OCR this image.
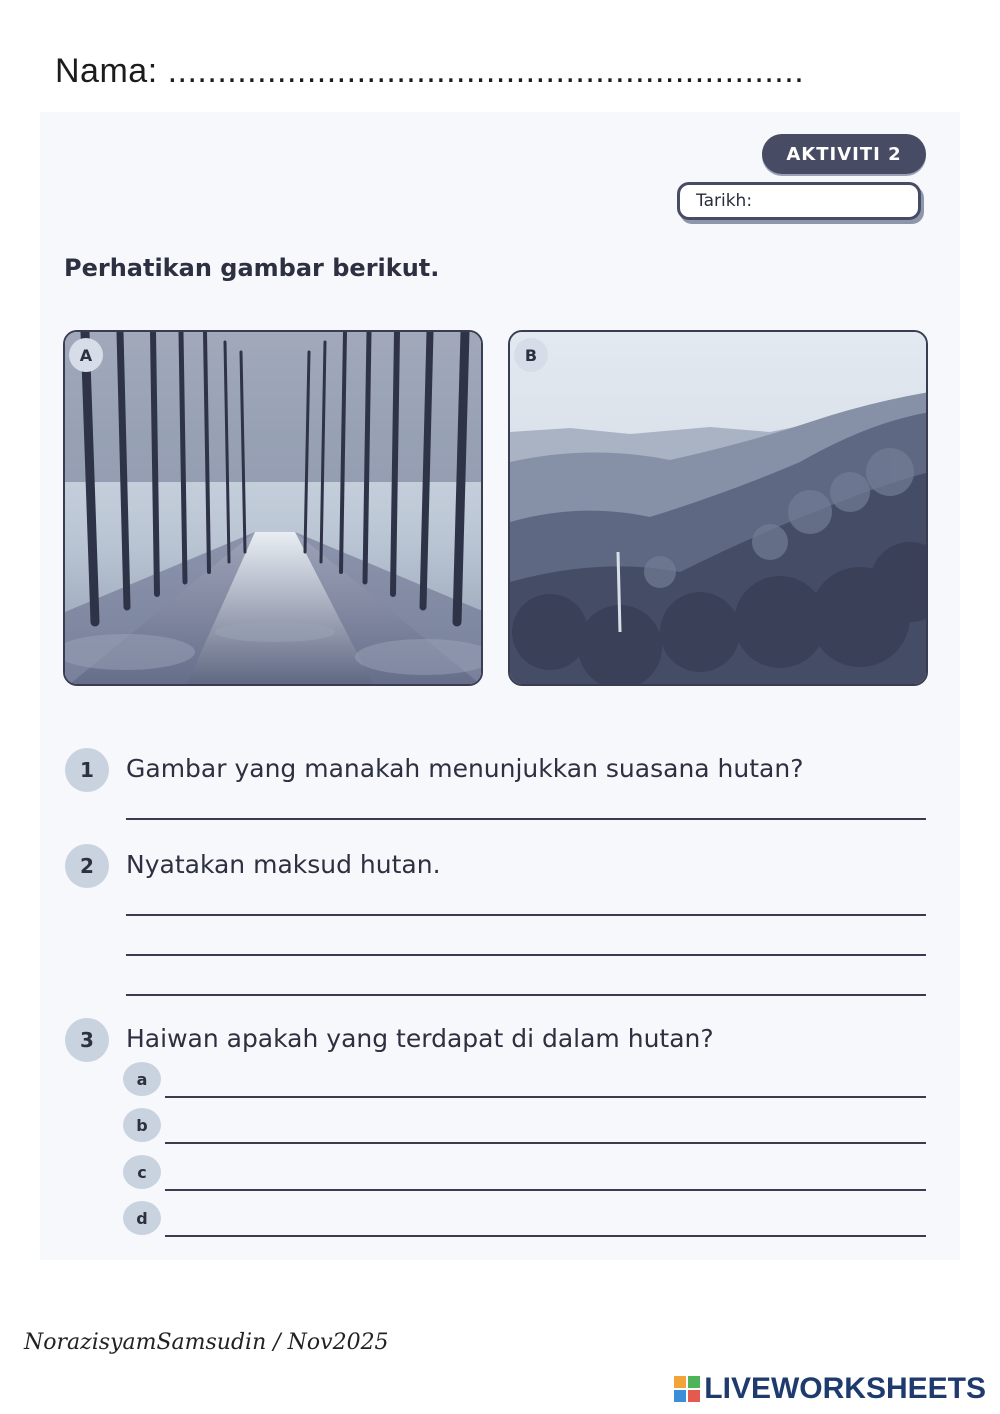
Nama: ................................................................
AKTIVITI 2
Tarikh:
Perhatikan gambar berikut.
A	B
1	Gambar yang manakah menunjukkan suasana hutan?
2	Nyatakan maksud hutan.
3	Haiwan apakah yang terdapat di dalam hutan?
a
b
c
d
NorazisyamSamsudin / Nov2025
LIVEWORKSHEETS
